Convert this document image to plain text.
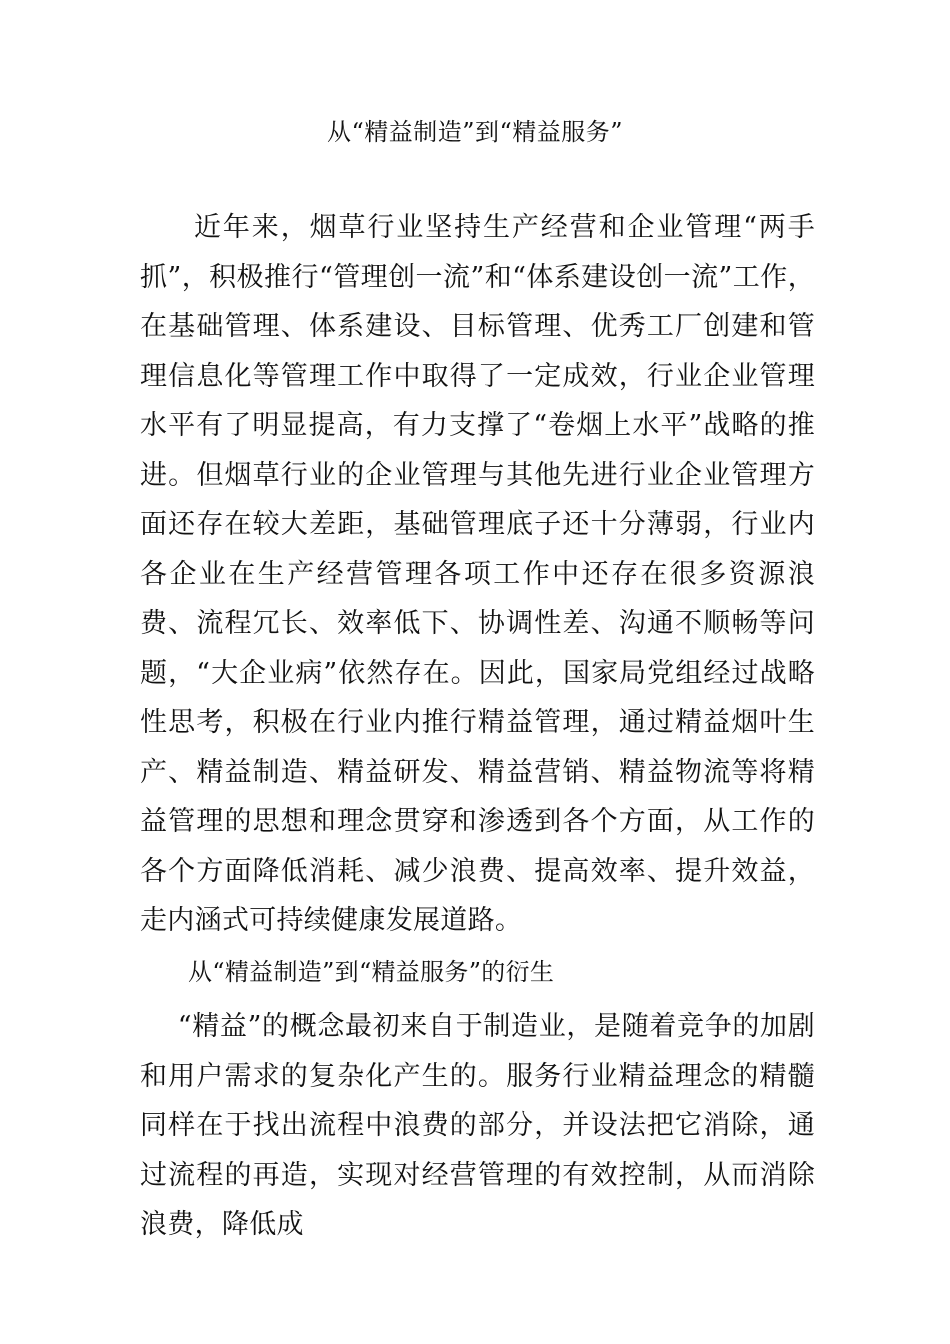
从“精益制造”到“精益服务”

近年来，烟草行业坚持生产经营和企业管理“两手抓”，积极推行“管理创一流”和“体系建设创一流”工作，在基础管理、体系建设、目标管理、优秀工厂创建和管理信息化等管理工作中取得了一定成效，行业企业管理水平有了明显提高，有力支撑了“卷烟上水平”战略的推进。但烟草行业的企业管理与其他先进行业企业管理方面还存在较大差距，基础管理底子还十分薄弱，行业内各企业在生产经营管理各项工作中还存在很多资源浪费、流程冗长、效率低下、协调性差、沟通不顺畅等问题，“大企业病”依然存在。因此，国家局党组经过战略性思考，积极在行业内推行精益管理，通过精益烟叶生产、精益制造、精益研发、精益营销、精益物流等将精益管理的思想和理念贯穿和渗透到各个方面，从工作的各个方面降低消耗、减少浪费、提高效率、提升效益，走内涵式可持续健康发展道路。

从“精益制造”到“精益服务”的衍生

“精益”的概念最初来自于制造业，是随着竞争的加剧和用户需求的复杂化产生的。服务行业精益理念的精髓同样在于找出流程中浪费的部分，并设法把它消除，通过流程的再造，实现对经营管理的有效控制，从而消除浪费，降低成
